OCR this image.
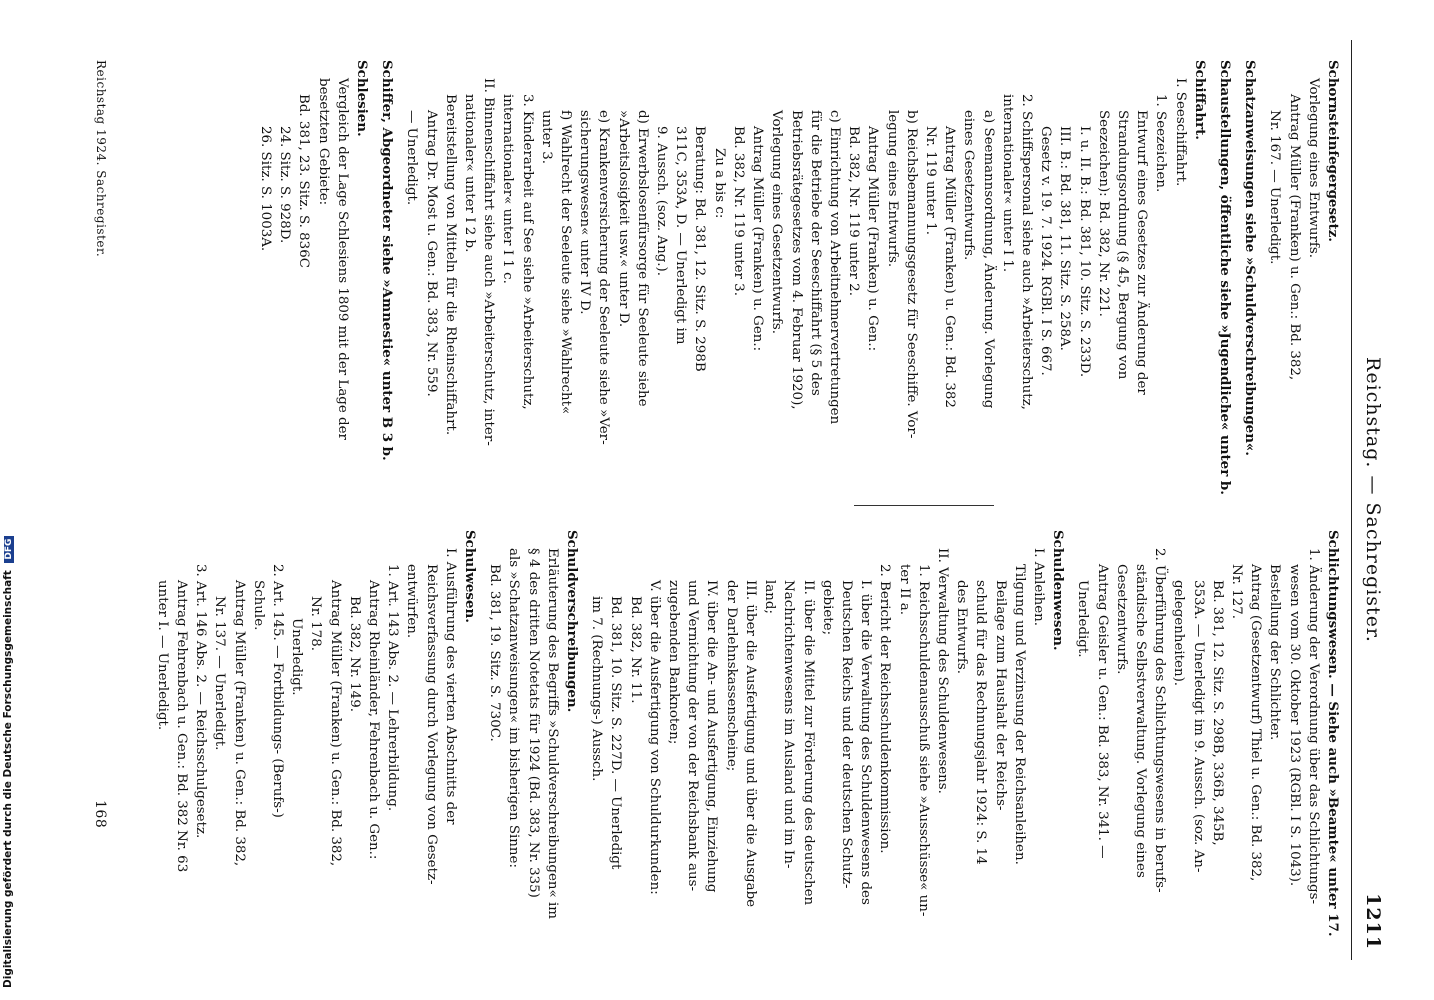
Reichstag. — Sachregister.
1211

Schornsteinfegergesetz.

Vorlegung eines Entwurfs.

Antrag Müller (Franken) u. Gen.: Bd. 382,

Nr. 167. — Unerledigt.

Schatzanweisungen siehe »Schuldverschreibungen«.

Schaustellungen, öffentliche siehe »Jugendliche« unter b.

Schiffahrt.

I. Seeschiffahrt.

1. Seezeichen.

Entwurf eines Gesetzes zur Änderung der

Strandungsordnung (§ 45, Bergung von

Seezeichen): Bd. 382, Nr. 221.

I. u. II. B.: Bd. 381, 10. Sitz. S. 233D.

III. B.: Bd. 381, 11. Sitz. S. 258A.

Gesetz v. 19. 7. 1924. RGBl. I S. 667.

2. Schiffspersonal siehe auch »Arbeiterschutz,

internationaler« unter I 1.

a) Seemannsordnung, Änderung. Vorlegung

eines Gesetzentwurfs.

Antrag Müller (Franken) u. Gen.: Bd. 382

Nr. 119 unter 1.

b) Reichsbemannungsgesetz für Seeschiffe. Vor-

legung eines Entwurfs.

Antrag Müller (Franken) u. Gen.:

Bd. 382, Nr. 119 unter 2.

c) Einrichtung von Arbeitnehmervertretungen

für die Betriebe der Seeschiffahrt (§ 5 des

Betriebsrätegesetzes vom 4. Februar 1920),

Vorlegung eines Gesetzentwurfs.

Antrag Müller (Franken) u. Gen.:

Bd. 382, Nr. 119 unter 3.

Zu a bis c:

Beratung: Bd. 381, 12. Sitz. S. 298B

311C, 353A, D. — Unerledigt im

9. Aussch. (soz. Ang.).

d) Erwerbslosenfürsorge für Seeleute siehe

»Arbeitslosigkeit usw.« unter D.

e) Krankenversicherung der Seeleute siehe »Ver-

sicherungswesen« unter IV D.

f) Wahlrecht der Seeleute siehe »Wahlrecht«

unter 3.

3. Kinderarbeit auf See siehe »Arbeiterschutz,

internationaler« unter I 1 c.

II. Binnenschiffahrt siehe auch »Arbeiterschutz, inter-

nationaler« unter I 2 b.

Bereitstellung von Mitteln für die Rheinschiffahrt.

Antrag Dr. Most u. Gen.: Bd. 383, Nr. 559.

— Unerledigt.

Schiffer, Abgeordneter siehe »Amnestie« unter B 3 b.

Schlesien.

Vergleich der Lage Schlesiens 1809 mit der Lage der

besetzten Gebiete:

Bd. 381, 23. Sitz. S. 836C

24. Sitz. S. 928D.

26. Sitz. S. 1003A.

Schlichtungswesen. — Siehe auch »Beamte« unter 17.

1. Änderung der Verordnung über das Schlichtungs-

wesen vom 30. Oktober 1923 (RGBl. I S. 1043).

Bestellung der Schlichter.

Antrag (Gesetzentwurf) Thiel u. Gen.: Bd. 382,

Nr. 127.

Bd. 381, 12. Sitz. S. 298B, 336B, 345B,

353A. — Unerledigt im 9. Aussch. (soz. An-

gelegenheiten).

2. Überführung des Schlichtungswesens in berufs-

ständische Selbstverwaltung. Vorlegung eines

Gesetzentwurfs.

Antrag Geisler u. Gen.: Bd. 383, Nr. 341. —

Unerledigt.

Schuldenwesen.

I. Anleihen.

Tilgung und Verzinsung der Reichsanleihen.

Beilage zum Haushalt der Reichs-

schuld für das Rechnungsjahr 1924: S. 14

des Entwurfs.

II. Verwaltung des Schuldenwesens.

1. Reichsschuldenausschuß siehe »Ausschüsse« un-

ter II a.

2. Bericht der Reichsschuldenkommission.

I. über die Verwaltung des Schuldenwesens des

Deutschen Reichs und der deutschen Schutz-

gebiete;

II. über die Mittel zur Förderung des deutschen

Nachrichtenwesens im Ausland und im In-

land;

III. über die Ausfertigung und über die Ausgabe

der Darlehnskassenscheine;

IV. über die An- und Ausfertigung, Einziehung

und Vernichtung der von der Reichsbank aus-

zugebenden Banknoten;

V. über die Ausfertigung von Schuldurkunden:

Bd. 382, Nr. 11.

Bd. 381, 10. Sitz. S. 227D. — Unerledigt

im 7. (Rechnungs-) Aussch.

Schuldverschreibungen.

Erläuterung des Begriffs »Schuldverschreibungen« im

§ 4 des dritten Notetats für 1924 (Bd. 383, Nr. 335)

als »Schatzanweisungen« im bisherigen Sinne:

Bd. 381, 19. Sitz. S. 730C.

Schulwesen.

I. Ausführung des vierten Abschnitts der

Reichsverfassung durch Vorlegung von Gesetz-

entwürfen.

1. Art. 143 Abs. 2. — Lehrerbildung.

Antrag Rheinländer, Fehrenbach u. Gen.:

Bd. 382, Nr. 149.

Antrag Müller (Franken) u. Gen.: Bd. 382,

Nr. 178.

Unerledigt.

2. Art. 145. — Fortbildungs- (Berufs-)

Schule.

Antrag Müller (Franken) u. Gen.: Bd. 382,

Nr. 137. — Unerledigt.

3. Art. 146 Abs. 2. — Reichsschulgesetz.

Antrag Fehrenbach u. Gen.: Bd. 382 Nr. 63

unter I. — Unerledigt.

Reichstag 1924. Sachregister.
168
Digitalisierung gefördert durch die Deutsche Forschungsgemeinschaft DFG
